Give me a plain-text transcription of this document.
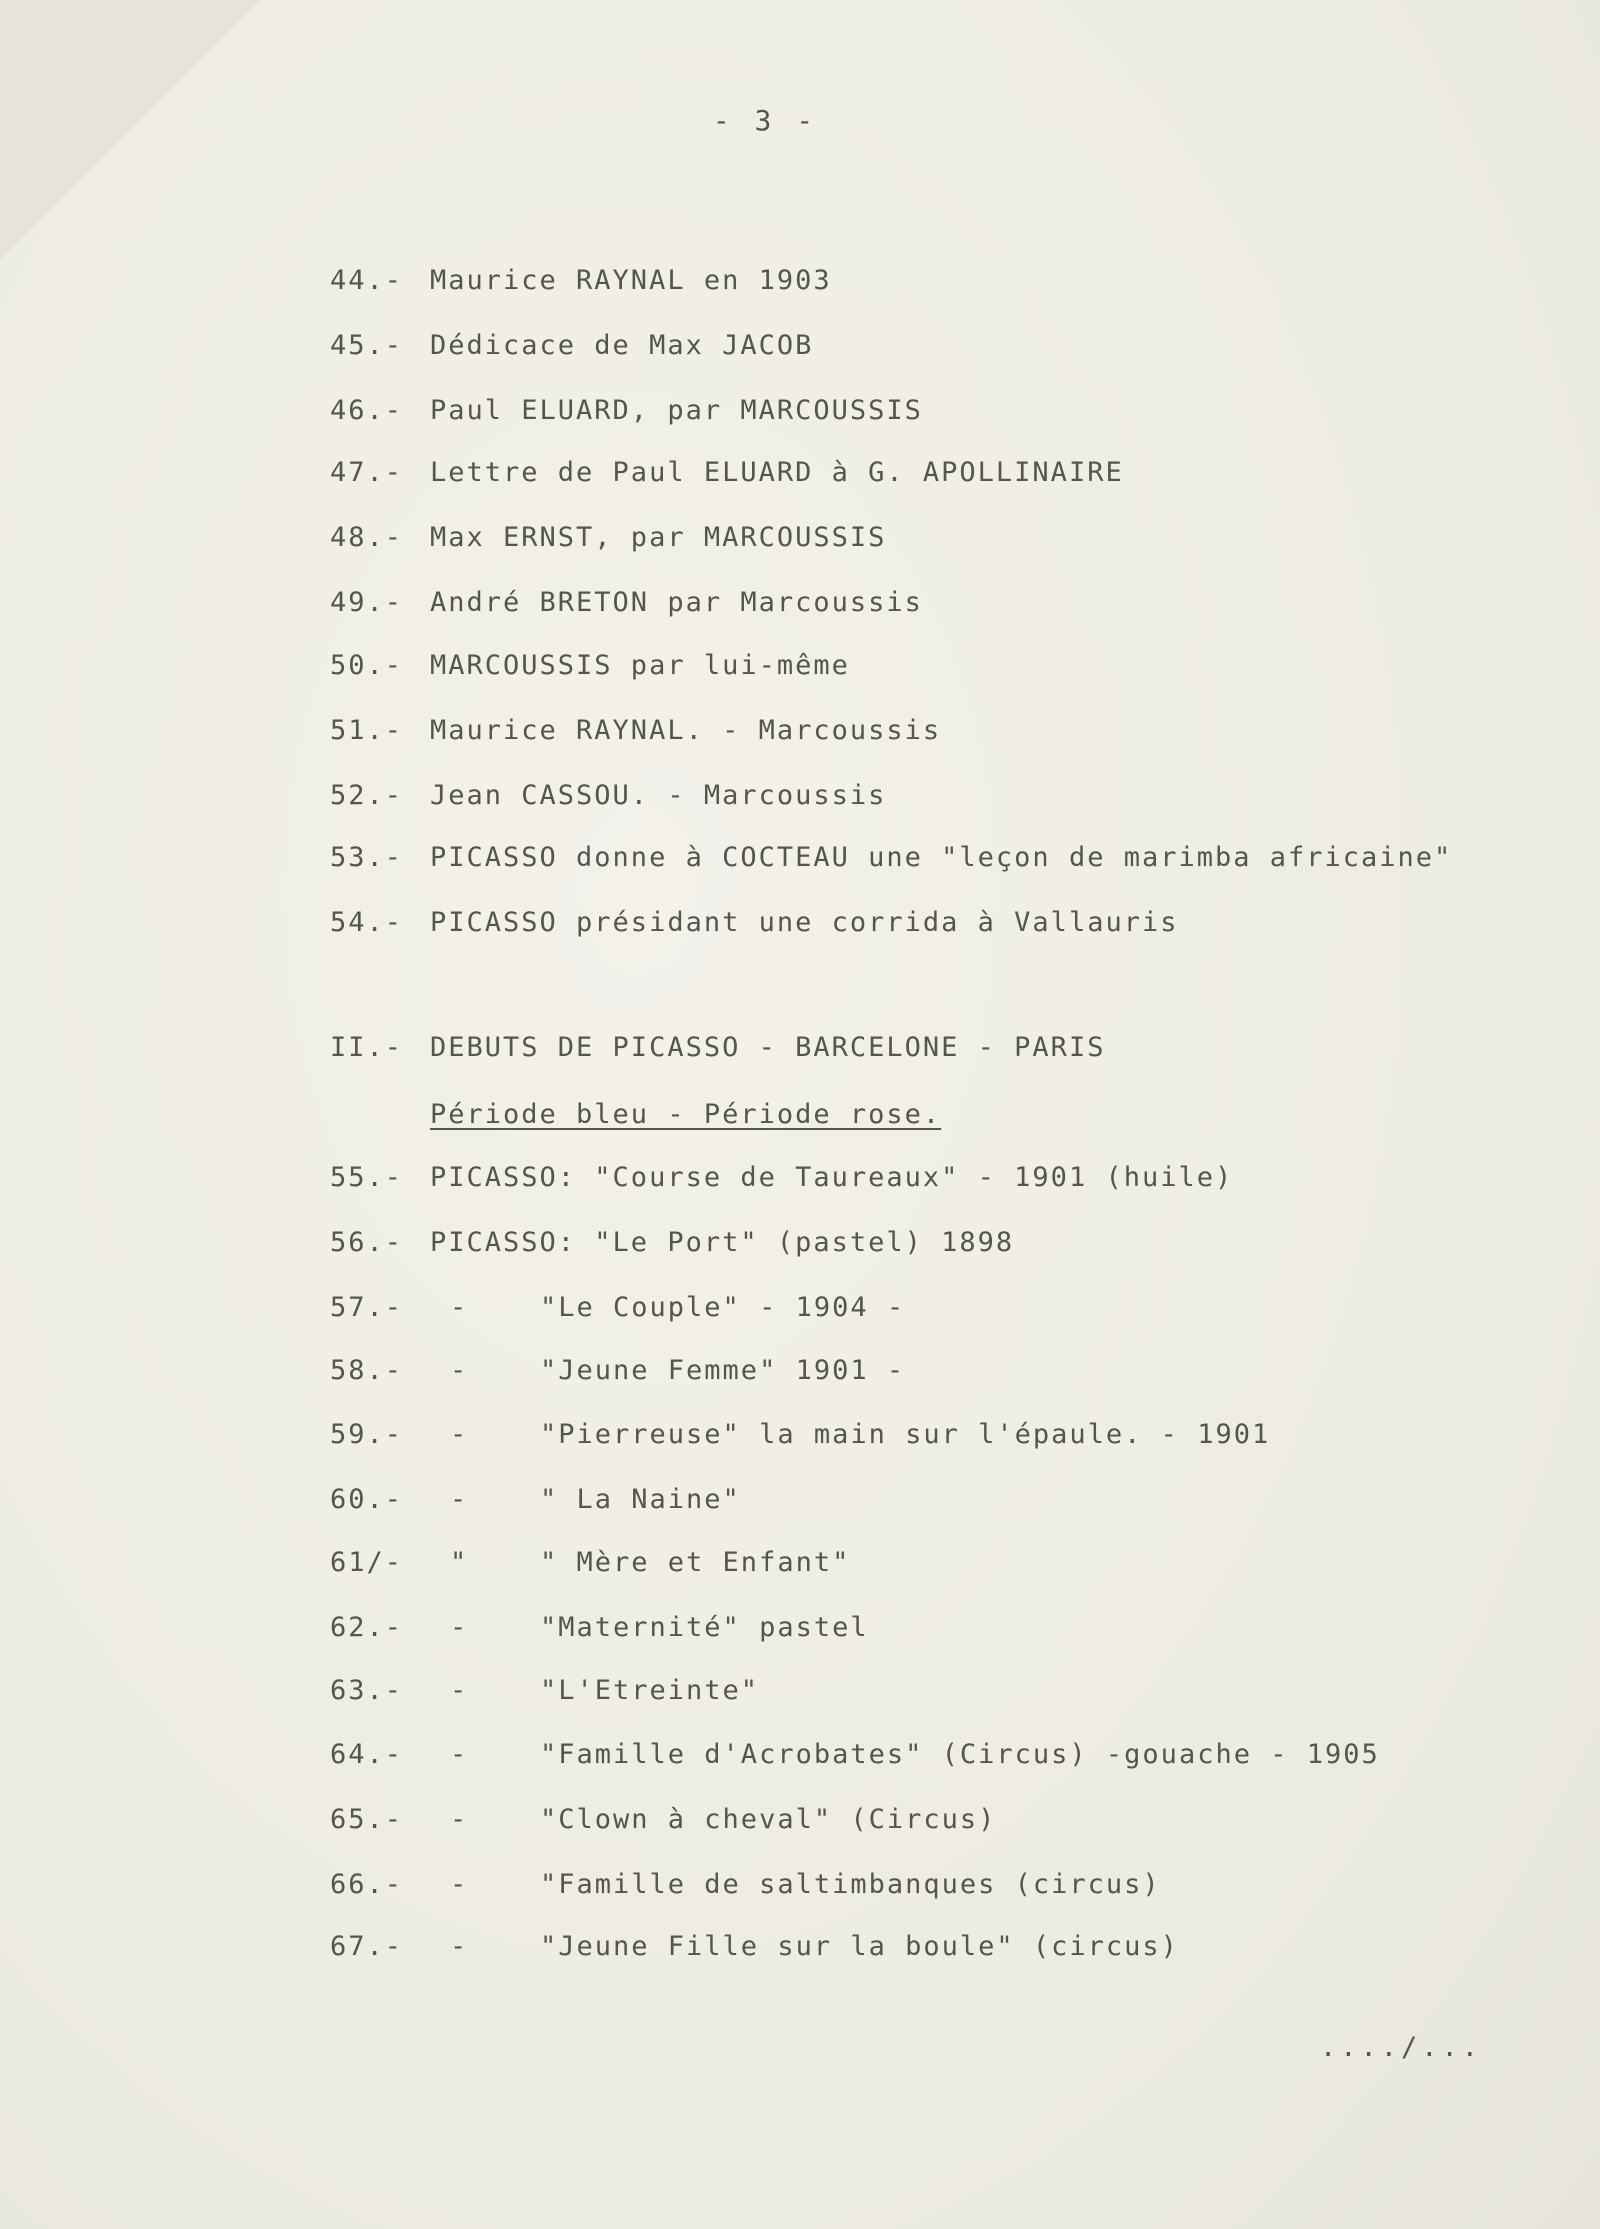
- 3 -
44.- Maurice RAYNAL en 1903
45.- Dédicace de Max JACOB
46.- Paul ELUARD, par MARCOUSSIS
47.- Lettre de Paul ELUARD à G. APOLLINAIRE
48.- Max ERNST, par MARCOUSSIS
49.- André BRETON par Marcoussis
50.- MARCOUSSIS par lui-même
51.- Maurice RAYNAL. - Marcoussis
52.- Jean CASSOU. - Marcoussis
53.- PICASSO donne à COCTEAU une "leçon de marimba africaine"
54.- PICASSO présidant une corrida à Vallauris
II.- DEBUTS DE PICASSO - BARCELONE - PARIS
Période bleu - Période rose.
55.- PICASSO: "Course de Taureaux" - 1901 (huile)
56.- PICASSO: "Le Port" (pastel) 1898
57.- -	"Le Couple" - 1904 -
58.- -	"Jeune Femme" 1901 -
59.- -	"Pierreuse" la main sur l'épaule. - 1901
60.- -	" La Naine"
61/- "	" Mère et Enfant"
62.- -	"Maternité" pastel
63.- -	"L'Etreinte"
64.- -	"Famille d'Acrobates" (Circus) -gouache - 1905
65.- -	"Clown à cheval" (Circus)
66.- -	"Famille de saltimbanques (circus)
67.- -	"Jeune Fille sur la boule" (circus)
..../...
